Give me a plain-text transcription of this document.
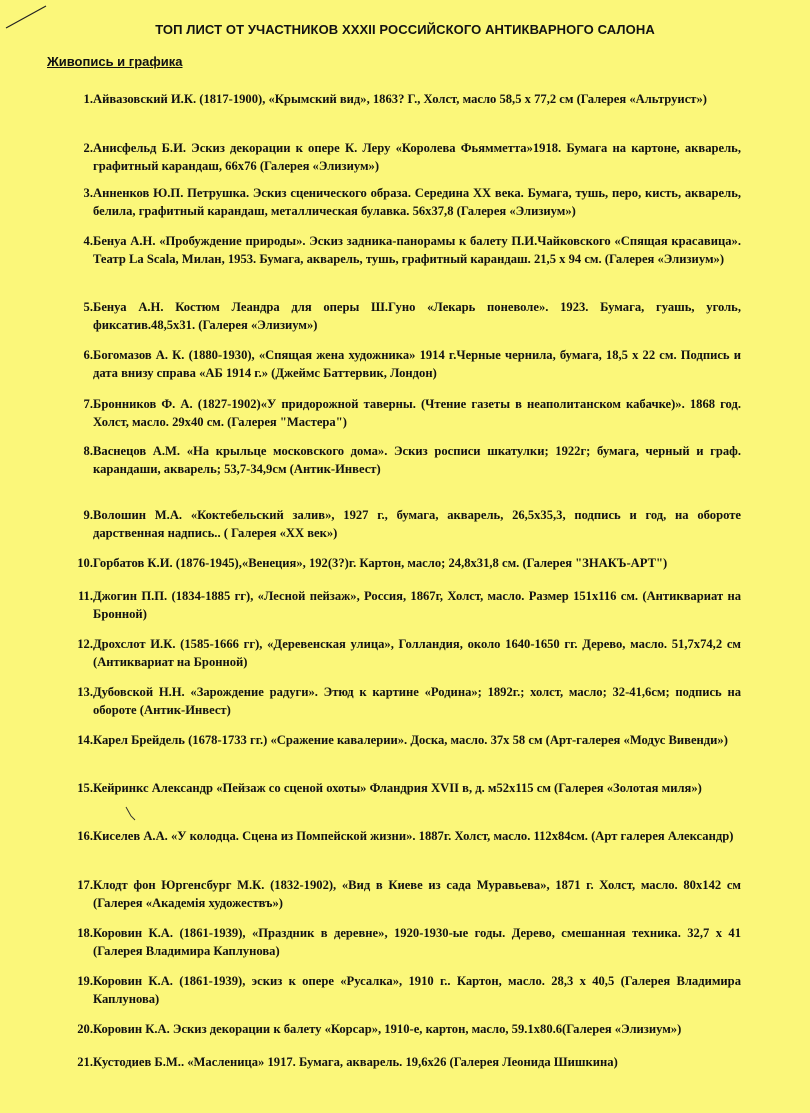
ТОП ЛИСТ ОТ УЧАСТНИКОВ XXXII РОССИЙСКОГО АНТИКВАРНОГО САЛОНА
Живопись и графика
1. Айвазовский И.К. (1817-1900), «Крымский вид», 1863? Г., Холст, масло 58,5 х 77,2 см (Галерея «Альтруист»)
2. Анисфельд Б.И. Эскиз декорации к опере К. Леру «Королева Фьямметта»1918. Бумага на картоне, акварель, графитный карандаш, 66х76 (Галерея «Элизиум»)
3. Анненков Ю.П. Петрушка. Эскиз сценического образа. Середина ХХ века. Бумага, тушь, перо, кисть, акварель, белила, графитный карандаш, металлическая булавка. 56х37,8 (Галерея «Элизиум»)
4. Бенуа А.Н. «Пробуждение природы». Эскиз задника-панорамы к балету П.И.Чайковского «Спящая красавица». Театр La Scala, Милан, 1953. Бумага, акварель, тушь, графитный карандаш. 21,5 х 94 см. (Галерея «Элизиум»)
5. Бенуа А.Н. Костюм Леандра для оперы Ш.Гуно «Лекарь поневоле». 1923. Бумага, гуашь, уголь, фиксатив.48,5х31. (Галерея «Элизиум»)
6. Богомазов А. К. (1880-1930), «Спящая жена художника» 1914 г.Черные чернила, бумага, 18,5 х 22 см. Подпись и дата внизу справа «АБ 1914 г.» (Джеймс Баттервик, Лондон)
7. Бронников Ф. А. (1827-1902)«У придорожной таверны. (Чтение газеты в неаполитанском кабачке)». 1868 год. Холст, масло. 29х40 см. (Галерея "Мастера")
8. Васнецов А.М. «На крыльце московского дома». Эскиз росписи шкатулки; 1922г; бумага, черный и граф. карандаши, акварель; 53,7-34,9см (Антик-Инвест)
9. Волошин М.А. «Коктебельский залив», 1927 г., бумага, акварель, 26,5х35,3, подпись и год, на обороте дарственная надпись.. ( Галерея «ХХ век»)
10. Горбатов К.И. (1876-1945),«Венеция», 192(3?)г. Картон, масло; 24,8х31,8 см. (Галерея "ЗНАКЪ-АРТ")
11. Джогин П.П. (1834-1885 гг), «Лесной пейзаж», Россия, 1867г, Холст, масло. Размер 151х116 см. (Антиквариат на Бронной)
12. Дрохслот И.К. (1585-1666 гг), «Деревенская улица», Голландия, около 1640-1650 гг. Дерево, масло. 51,7х74,2 см (Антиквариат на Бронной)
13. Дубовской Н.Н. «Зарождение радуги». Этюд к картине «Родина»; 1892г.; холст, масло; 32-41,6см; подпись на обороте (Антик-Инвест)
14. Карел Брейдель (1678-1733 гг.) «Сражение кавалерии». Доска, масло. 37х 58 см (Арт-галерея «Модус Вивенди»)
15. Кейринкс Александр «Пейзаж со сценой охоты» Фландрия XVII в, д. м52х115 см (Галерея «Золотая миля»)
16. Киселев А.А. «У колодца. Сцена из Помпейской жизни». 1887г. Холст, масло. 112х84см. (Арт галерея Александр)
17. Клодт фон Юргенсбург М.К. (1832-1902), «Вид в Киеве из сада Муравьева», 1871 г. Холст, масло. 80х142 см (Галерея «Академія художествъ»)
18. Коровин К.А. (1861-1939), «Праздник в деревне», 1920-1930-ые годы. Дерево, смешанная техника. 32,7 х 41 (Галерея Владимира Каплунова)
19. Коровин К.А. (1861-1939), эскиз к опере «Русалка», 1910 г.. Картон, масло. 28,3 х 40,5 (Галерея Владимира Каплунова)
20. Коровин К.А. Эскиз декорации к балету «Корсар», 1910-е, картон, масло, 59.1х80.6(Галерея «Элизиум»)
21. Кустодиев Б.М.. «Масленица» 1917. Бумага, акварель. 19,6х26 (Галерея Леонида Шишкина)
